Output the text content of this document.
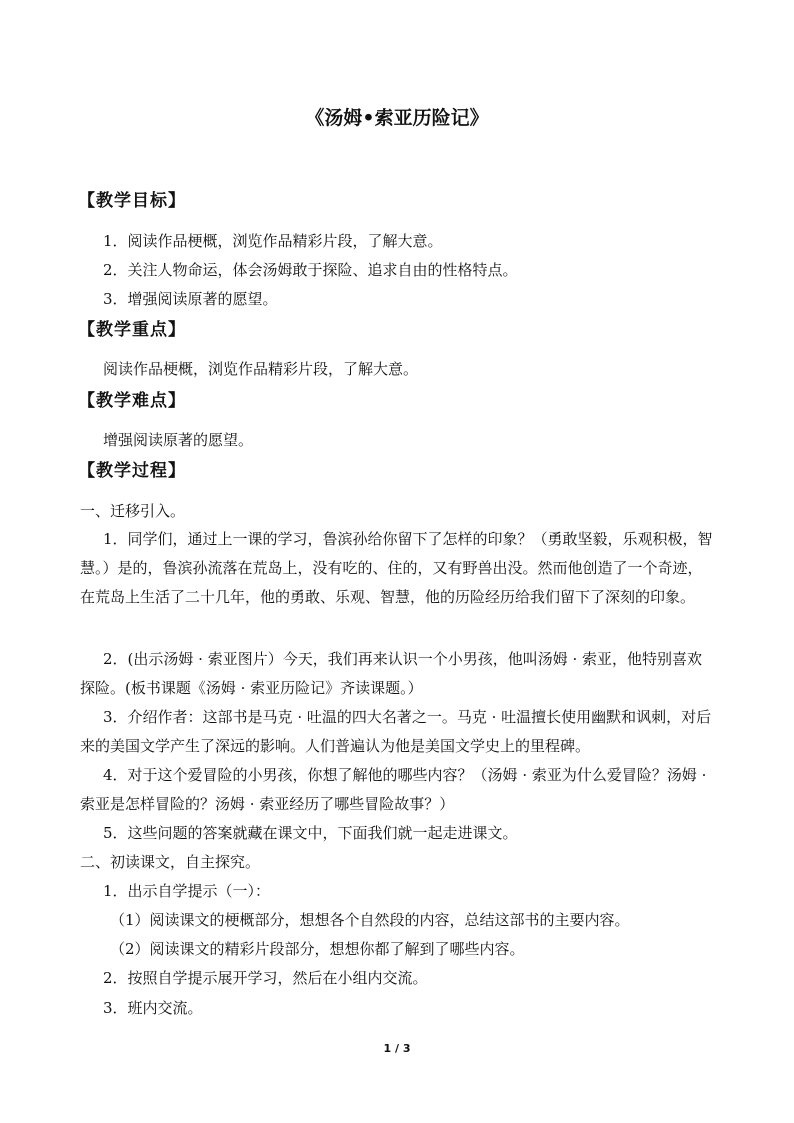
《汤姆•索亚历险记》
【教学目标】
1．阅读作品梗概，浏览作品精彩片段，了解大意。
2．关注人物命运，体会汤姆敢于探险、追求自由的性格特点。
3．增强阅读原著的愿望。
【教学重点】
阅读作品梗概，浏览作品精彩片段，了解大意。
【教学难点】
增强阅读原著的愿望。
【教学过程】
一、迁移引入。
1．同学们，通过上一课的学习，鲁滨孙给你留下了怎样的印象？（勇敢坚毅，乐观积极，智慧。）是的，鲁滨孙流落在荒岛上，没有吃的、住的，又有野兽出没。然而他创造了一个奇迹，在荒岛上生活了二十几年，他的勇敢、乐观、智慧，他的历险经历给我们留下了深刻的印象。
2．(出示汤姆 · 索亚图片）今天，我们再来认识一个小男孩，他叫汤姆 · 索亚，他特别喜欢探险。(板书课题《汤姆 · 索亚历险记》齐读课题。）
3．介绍作者：这部书是马克 · 吐温的四大名著之一。马克 · 吐温擅长使用幽默和讽刺，对后来的美国文学产生了深远的影响。人们普遍认为他是美国文学史上的里程碑。
4．对于这个爱冒险的小男孩，你想了解他的哪些内容？（汤姆 · 索亚为什么爱冒险？汤姆 · 索亚是怎样冒险的？汤姆 · 索亚经历了哪些冒险故事？）
5．这些问题的答案就藏在课文中，下面我们就一起走进课文。
二、初读课文，自主探究。
1．出示自学提示（一）：
（1）阅读课文的梗概部分，想想各个自然段的内容，总结这部书的主要内容。
（2）阅读课文的精彩片段部分，想想你都了解到了哪些内容。
2．按照自学提示展开学习，然后在小组内交流。
3．班内交流。
1 / 3
